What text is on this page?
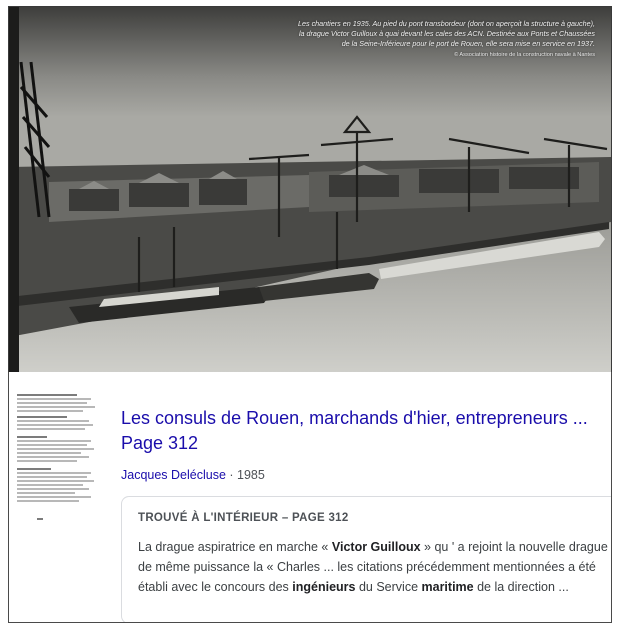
Les chantiers en 1935. Au pied du pont transbordeur (dont on aperçoit la structure à gauche),
la drague Victor Guilloux à quai devant les cales des ACN. Destinée aux Ponts et Chaussées
de la Seine-Inférieure pour le port de Rouen, elle sera mise en service en 1937.
© Association histoire de la construction navale à Nantes
Les consuls de Rouen, marchands d'hier, entrepreneurs ...
Page 312
Jacques Delécluse · 1985
TROUVÉ À L'INTÉRIEUR – PAGE 312
La drague aspiratrice en marche « Victor Guilloux » qu ' a rejoint la nouvelle drague de même puissance la « Charles ... les citations précédemment mentionnées a été établi avec le concours des ingénieurs du Service maritime de la direction ...
